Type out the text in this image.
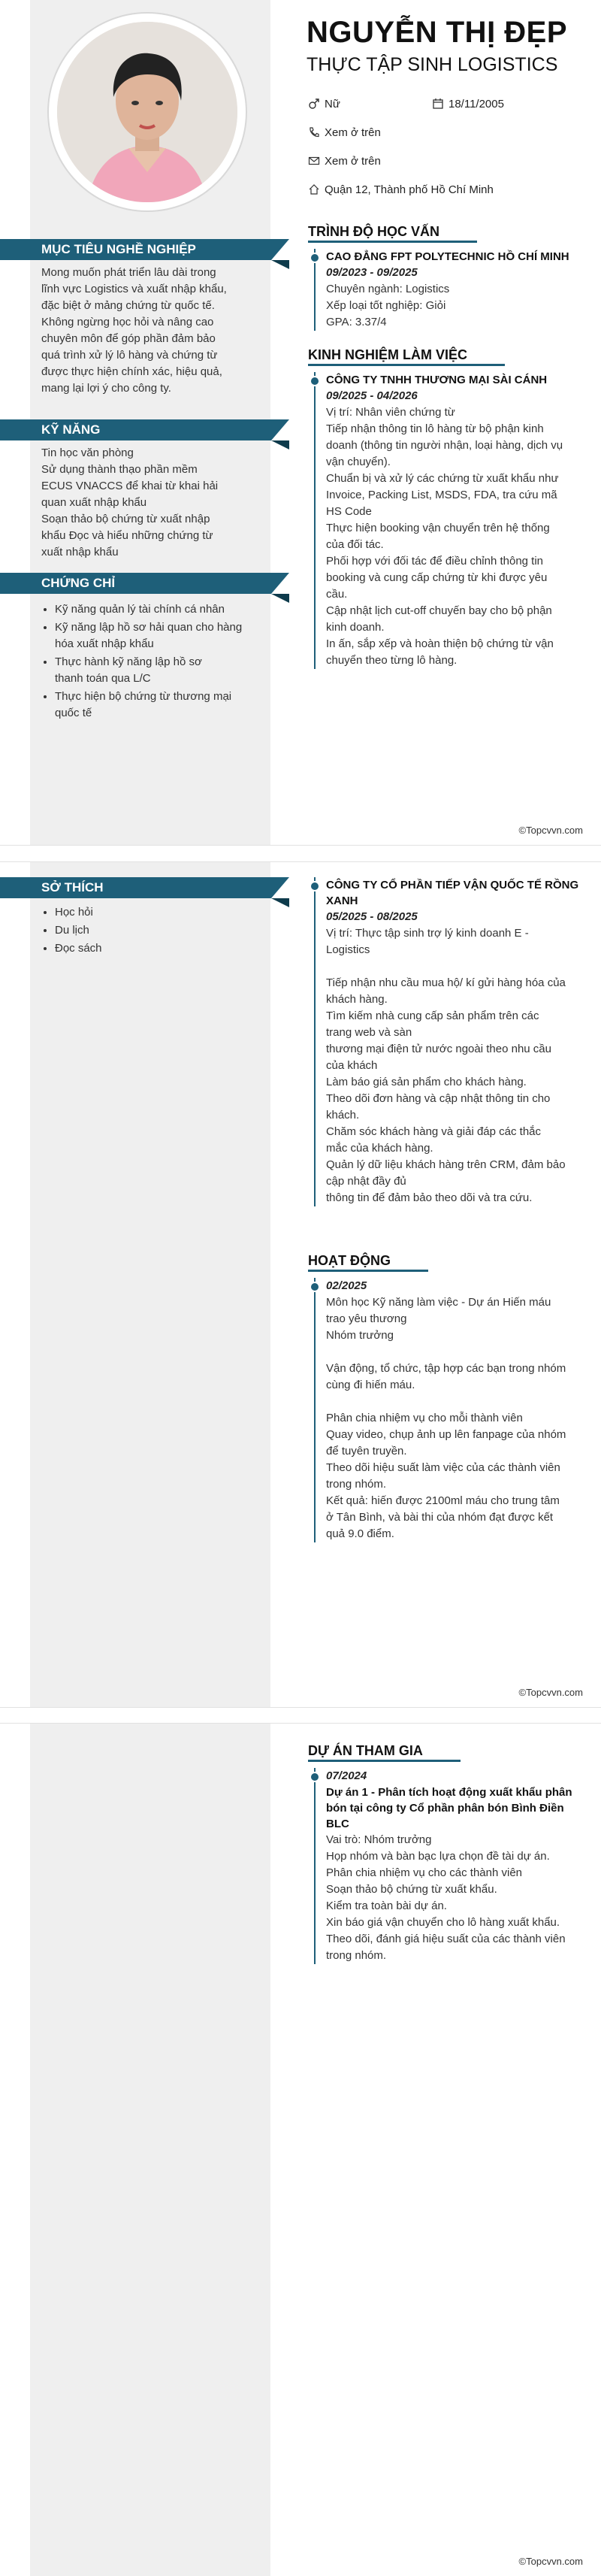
NGUYỄN THỊ ĐẸP
THỰC TẬP SINH LOGISTICS
Nữ	18/11/2005
Xem ở trên
Xem ở trên
Quận 12, Thành phố Hồ Chí Minh
MỤC TIÊU NGHỀ NGHIỆP
Mong muốn phát triển lâu dài trong
lĩnh vực Logistics và xuất nhập khẩu,
đặc biệt ở mảng chứng từ quốc tế.
Không ngừng học hỏi và nâng cao
chuyên môn để góp phần đảm bảo
quá trình xử lý lô hàng và chứng từ
được thực hiện chính xác, hiệu quả,
mang lại lợi ý cho công ty.
KỸ NĂNG
Tin học văn phòng
Sử dụng thành thạo phần mềm
ECUS VNACCS để khai từ khai hải
quan xuất nhập khẩu
Soạn thảo bộ chứng từ xuất nhập
khẩu Đọc và hiểu những chứng từ
xuất nhập khẩu
CHỨNG CHỈ
• Kỹ năng quản lý tài chính cá nhân
• Kỹ năng lập hồ sơ hải quan cho hàng
hóa xuất nhập khẩu
• Thực hành kỹ năng lập hồ sơ
thanh toán qua L/C
• Thực hiện bộ chứng từ thương mại
quốc tế
TRÌNH ĐỘ HỌC VẤN
CAO ĐẲNG FPT POLYTECHNIC HỒ CHÍ MINH
09/2023 - 09/2025
Chuyên ngành: Logistics
Xếp loại tốt nghiệp: Giỏi
GPA: 3.37/4
KINH NGHIỆM LÀM VIỆC
CÔNG TY TNHH THƯƠNG MẠI SÀI CÁNH
09/2025 - 04/2026
Vị trí: Nhân viên chứng từ
Tiếp nhận thông tin lô hàng từ bộ phận kinh
doanh (thông tin người nhận, loại hàng, dịch vụ
vận chuyển).
Chuẩn bị và xử lý các chứng từ xuất khẩu như
Invoice, Packing List, MSDS, FDA, tra cứu mã
HS Code
Thực hiện booking vận chuyển trên hệ thống
của đối tác.
Phối hợp với đối tác để điều chỉnh thông tin
booking và cung cấp chứng từ khi được yêu
cầu.
Cập nhật lịch cut-off chuyến bay cho bộ phận
kinh doanh.
In ấn, sắp xếp và hoàn thiện bộ chứng từ vận
chuyển theo từng lô hàng.
©Topcvvn.com
SỞ THÍCH
• Học hỏi
• Du lịch
• Đọc sách
CÔNG TY CỔ PHẦN TIẾP VẬN QUỐC TẾ RỒNG
XANH
05/2025 - 08/2025
Vị trí: Thực tập sinh trợ lý kinh doanh E -
Logistics
Tiếp nhận nhu cầu mua hộ/ kí gửi hàng hóa của
khách hàng.
Tìm kiếm nhà cung cấp sản phẩm trên các
trang web và sàn
thương mại điện tử nước ngoài theo nhu cầu
của khách
Làm báo giá sản phẩm cho khách hàng.
Theo dõi đơn hàng và cập nhật thông tin cho
khách.
Chăm sóc khách hàng và giải đáp các thắc
mắc của khách hàng.
Quản lý dữ liệu khách hàng trên CRM, đảm bảo
cập nhật đầy đủ
thông tin để đảm bảo theo dõi và tra cứu.
HOẠT ĐỘNG
02/2025
Môn học Kỹ năng làm việc - Dự án Hiến máu
trao yêu thương
Nhóm trưởng
Vận động, tổ chức, tập hợp các bạn trong nhóm
cùng đi hiến máu.
Phân chia nhiệm vụ cho mỗi thành viên
Quay video, chụp ảnh up lên fanpage của nhóm
để tuyên truyền.
Theo dõi hiệu suất làm việc của các thành viên
trong nhóm.
Kết quả: hiến được 2100ml máu cho trung tâm
ở Tân Bình, và bài thi của nhóm đạt được kết
quả 9.0 điểm.
©Topcvvn.com
DỰ ÁN THAM GIA
07/2024
Dự án 1 - Phân tích hoạt động xuất khẩu phân
bón tại công ty Cổ phần phân bón Bình Điền
BLC
Vai trò: Nhóm trưởng
Họp nhóm và bàn bạc lựa chọn đề tài dự án.
Phân chia nhiệm vụ cho các thành viên
Soạn thảo bộ chứng từ xuất khẩu.
Kiểm tra toàn bài dự án.
Xin báo giá vận chuyển cho lô hàng xuất khẩu.
Theo dõi, đánh giá hiệu suất của các thành viên
trong nhóm.
©Topcvvn.com
